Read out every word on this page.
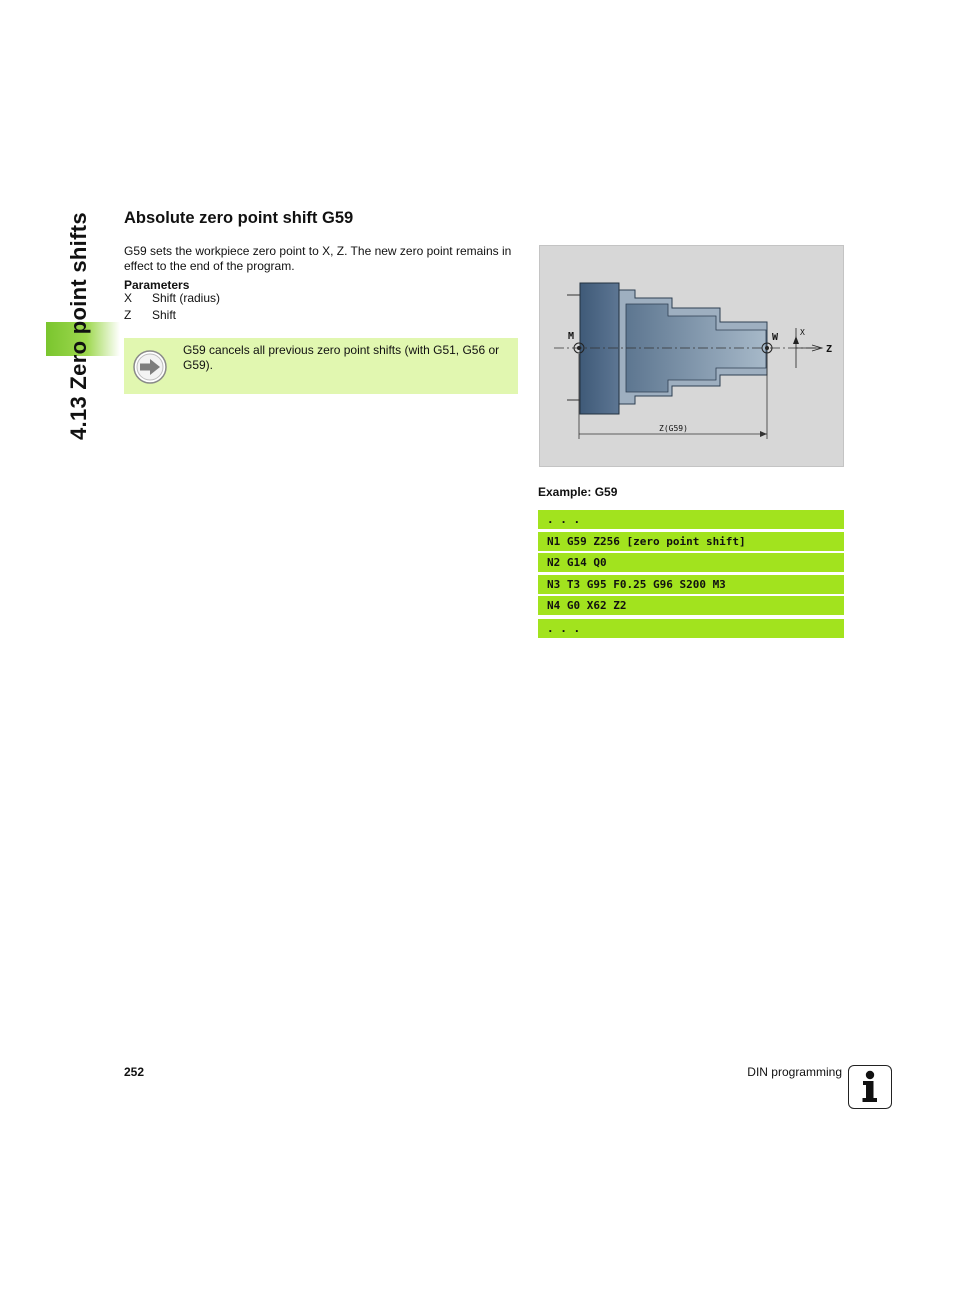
4.13 Zero point shifts Absolute zero point shift G59

G59 sets the workpiece zero point to X, Z. The new zero point remains in effect to the end of the program.

Parameters
X Shift (radius)
Z Shift
G59 cancels all previous zero point shifts (with G51, G56 or G59).
M	W	X
Z
Z(G59)
Example: G59
. . .
N1 G59 Z256 [zero point shift]
N2 G14 Q0
N3 T3 G95 F0.25 G96 S200 M3
N4 G0 X62 Z2
. . .
252	DIN programming
